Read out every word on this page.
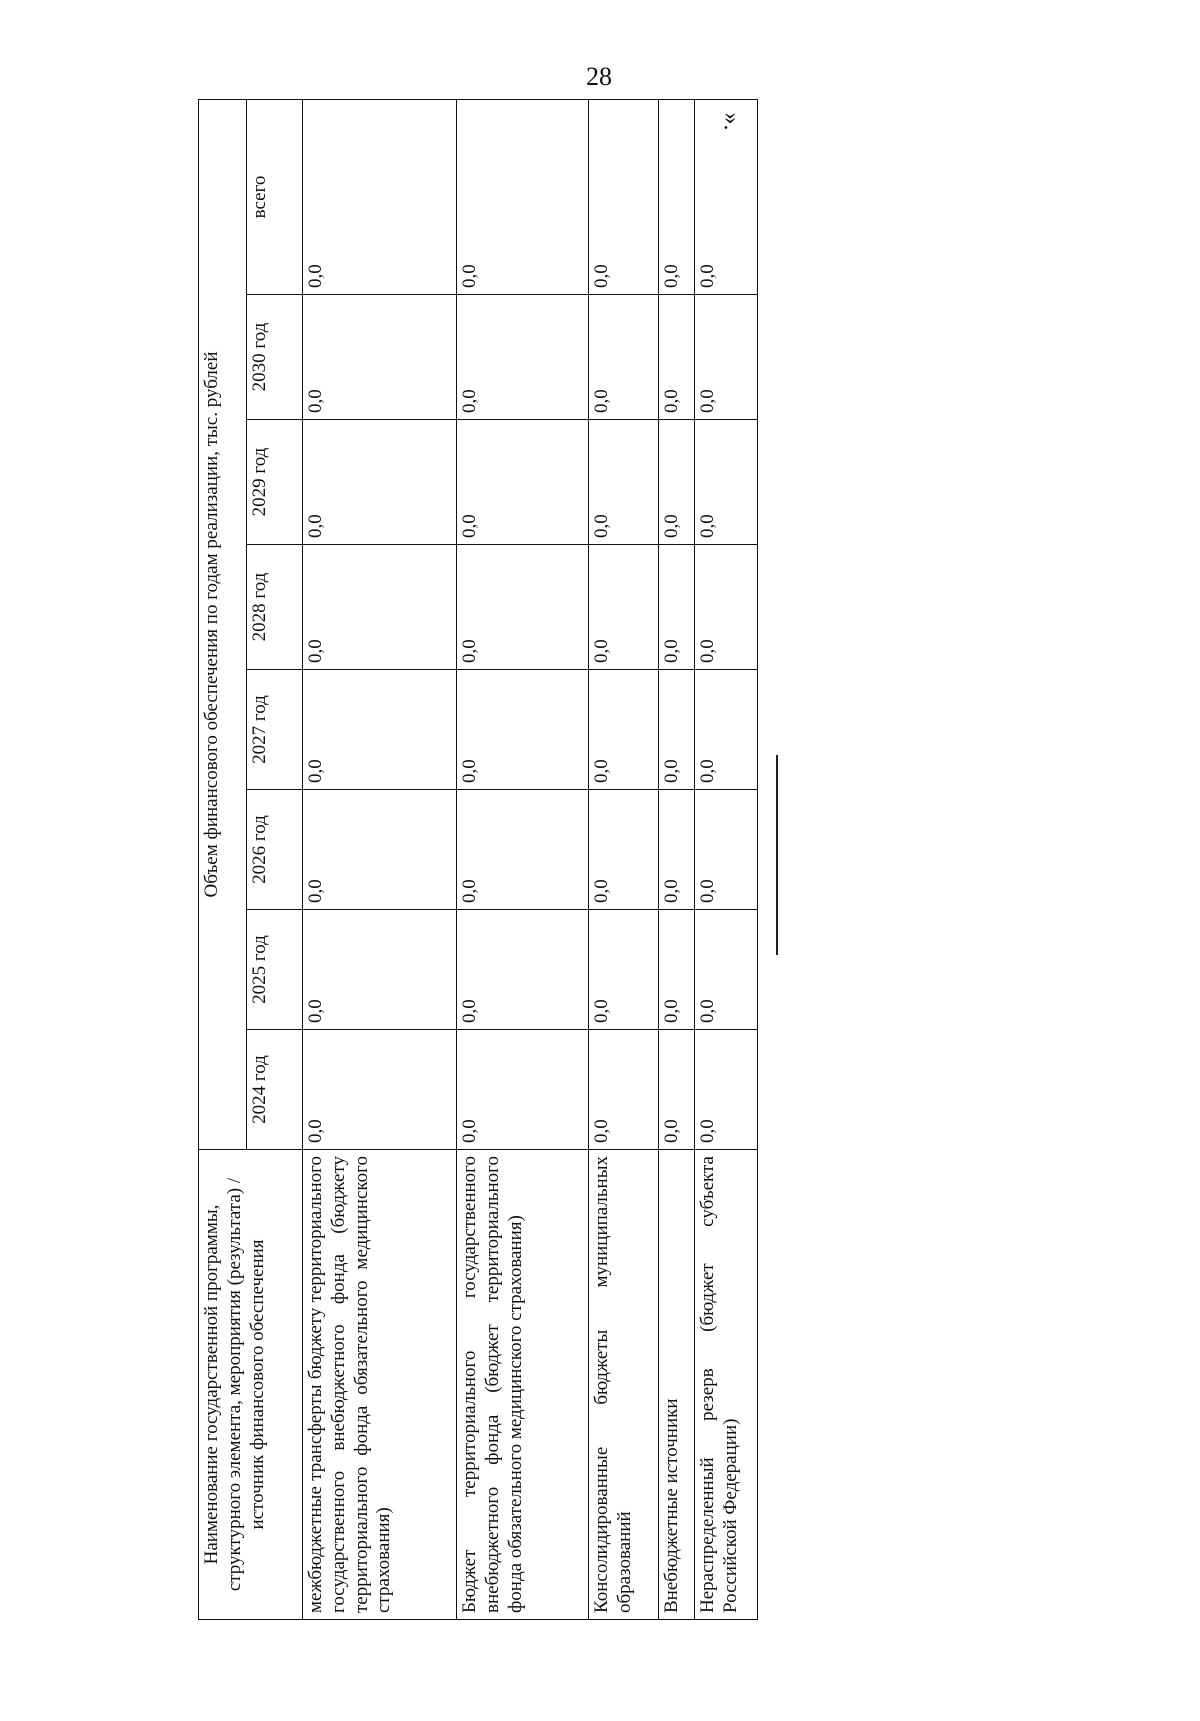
28
».
Наименование государственной программы, структурного элемента, мероприятия (результата) / источник финансового обеспечения	Объем финансового обеспечения по годам реализации, тыс. рублей							
	2024 год	2025 год	2026 год	2027 год	2028 год	2029 год	2030 год	всего
межбюджетные трансферты бюджету территориального государственного внебюджетного фонда (бюджету территориального фонда обязательного медицинского страхования)	0,0	0,0	0,0	0,0	0,0	0,0	0,0	0,0
Бюджет территориального государственного внебюджетного фонда (бюджет территориального фонда обязательного медицинского страхования)	0,0	0,0	0,0	0,0	0,0	0,0	0,0	0,0
Консолидированные бюджеты муниципальных образований	0,0	0,0	0,0	0,0	0,0	0,0	0,0	0,0
Внебюджетные источники	0,0	0,0	0,0	0,0	0,0	0,0	0,0	0,0
Нераспределенный резерв (бюджет субъекта Российской Федерации)	0,0	0,0	0,0	0,0	0,0	0,0	0,0	0,0
